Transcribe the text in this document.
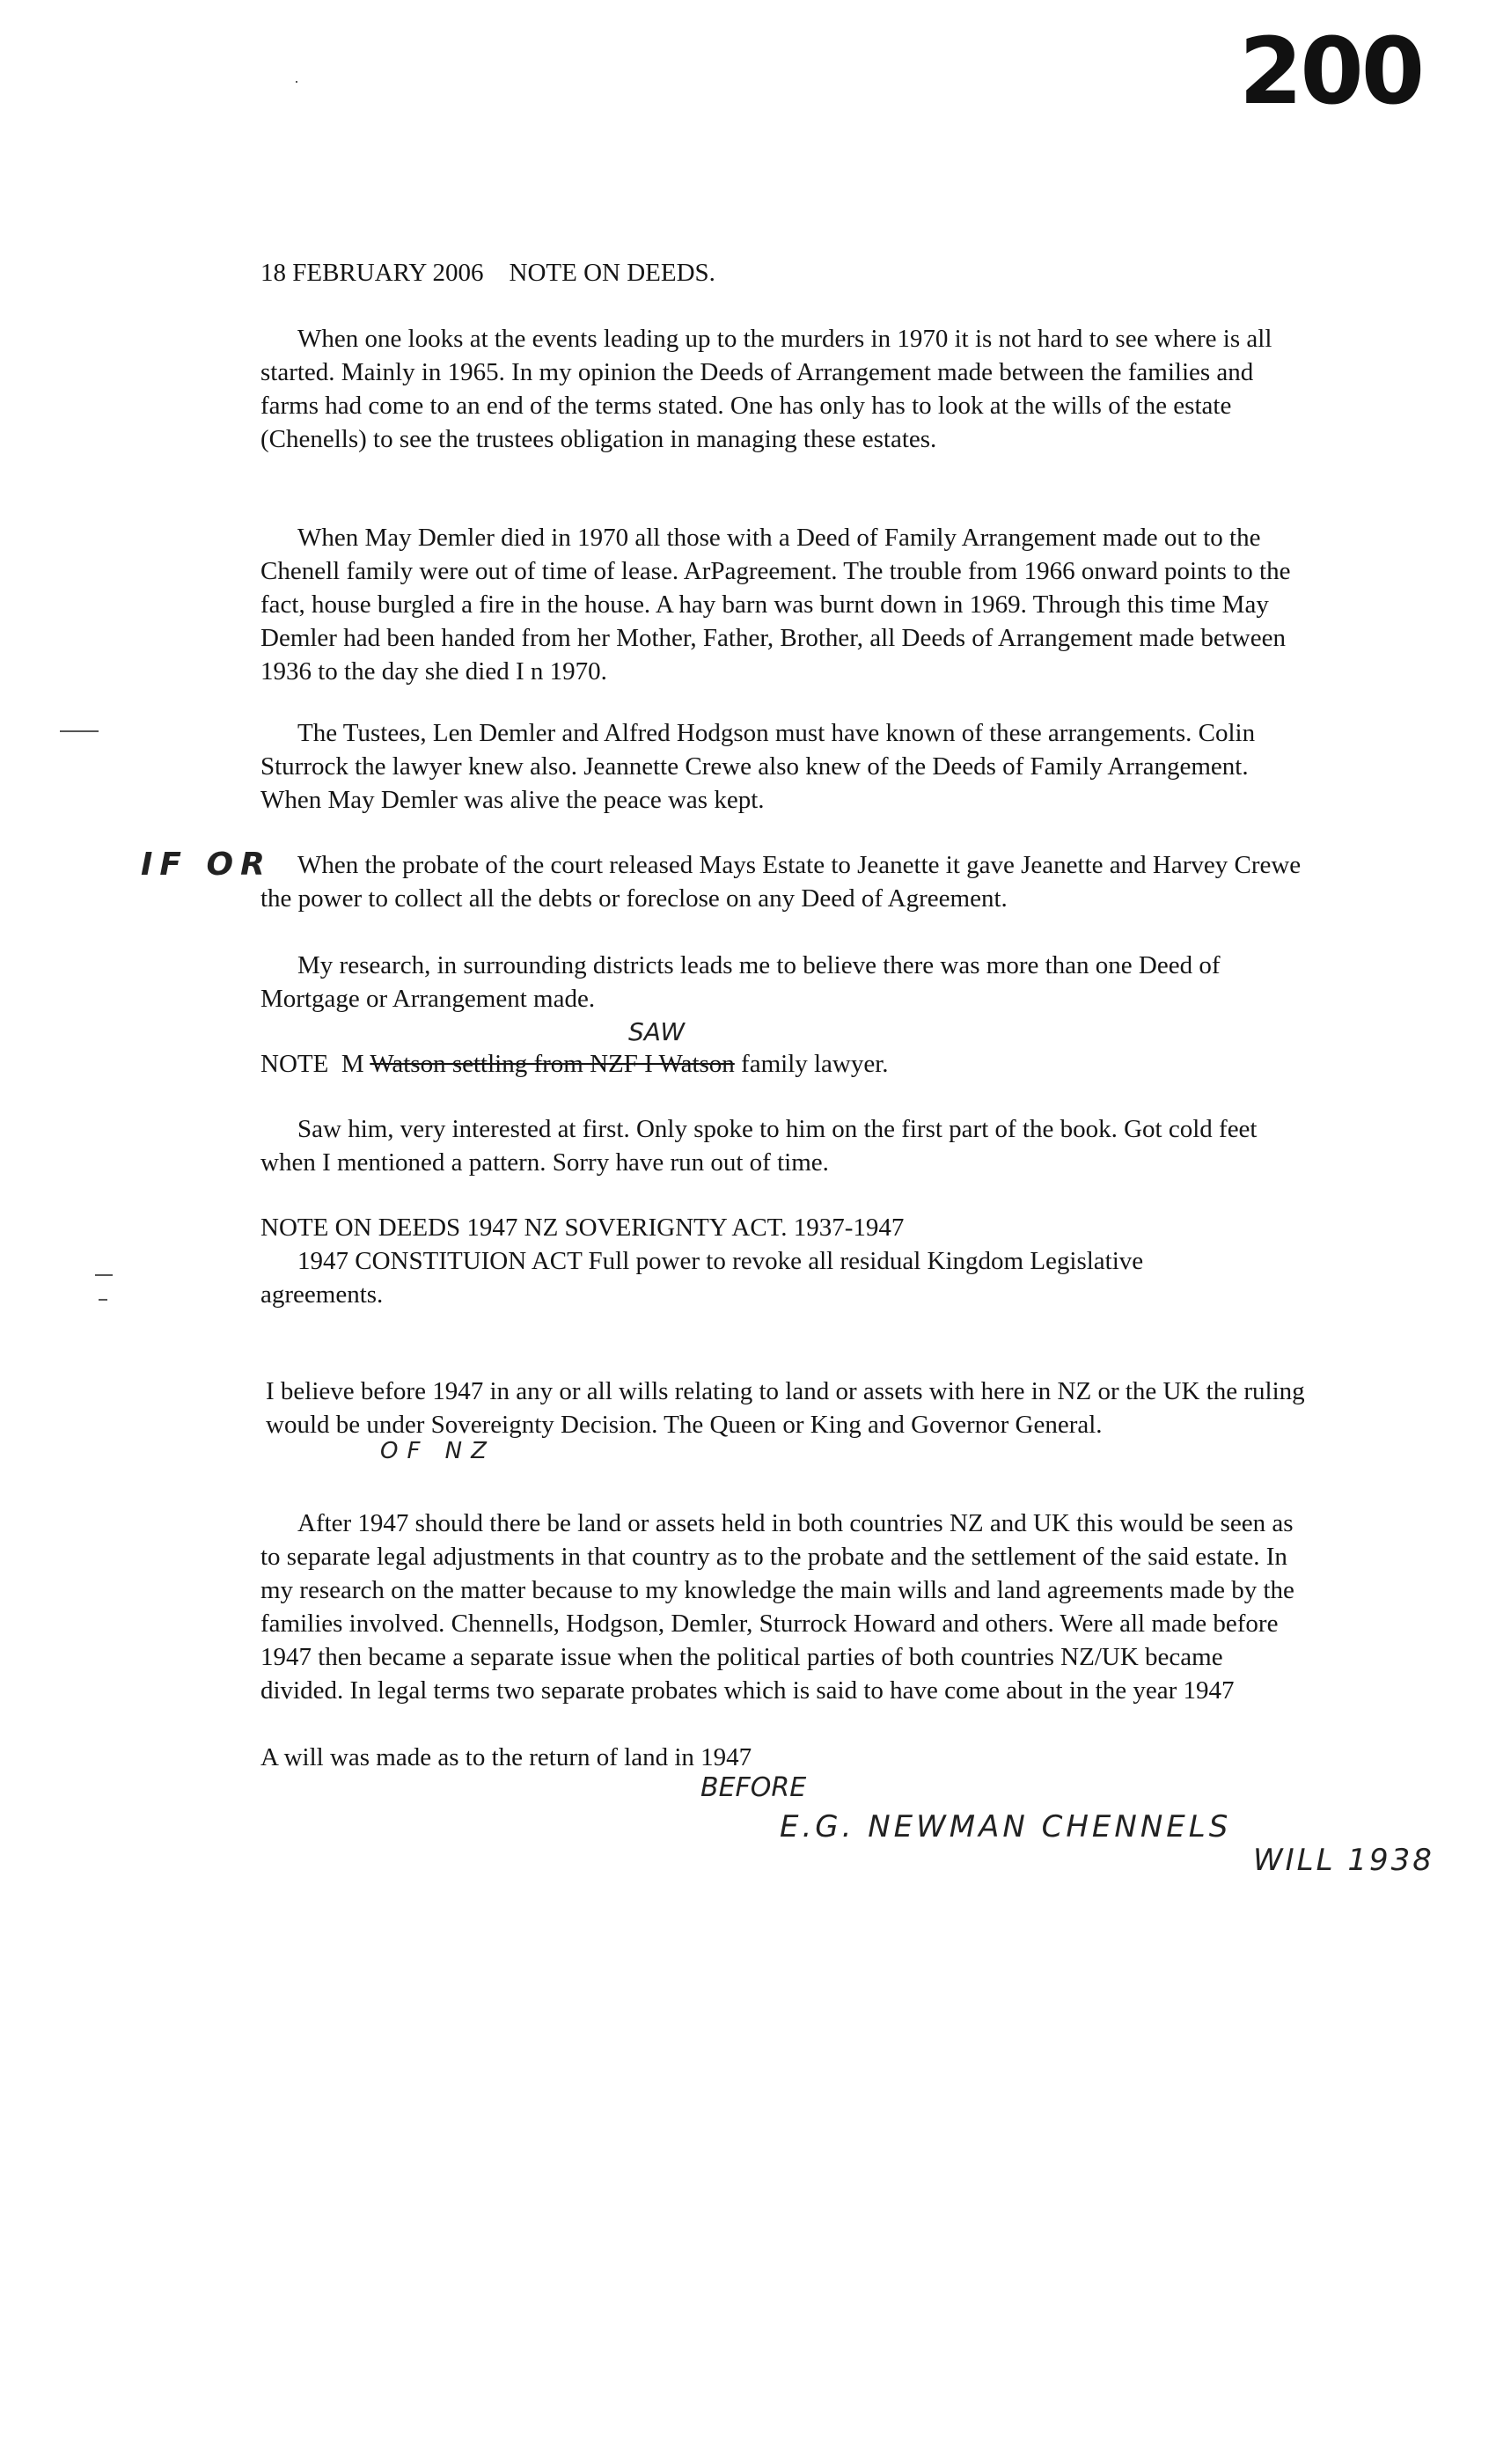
200
18 FEBRUARY 2006    NOTE ON DEEDS.

When one looks at the events leading up to the murders in 1970 it is not hard to see where is all started. Mainly in 1965. In my opinion the Deeds of Arrangement made between the families and farms had come to an end of the terms stated. One has only has to look at the wills of the estate (Chenells) to see the trustees obligation in managing these estates.

When May Demler died in 1970 all those with a Deed of Family Arrangement made out to the Chenell family were out of time of lease. ArPagreement. The trouble from 1966 onward points to the fact, house burgled a fire in the house. A hay barn was burnt down in 1969. Through this time May Demler had been handed from her Mother, Father, Brother, all Deeds of Arrangement made between 1936 to the day she died I n 1970.

The Tustees, Len Demler and Alfred Hodgson must have known of these arrangements. Colin Sturrock the lawyer knew also. Jeannette Crewe also knew of the Deeds of Family Arrangement. When May Demler was alive the peace was kept.

IF OR	When the probate of the court released Mays Estate to Jeanette it gave Jeanette and Harvey Crewe the power to collect all the debts or foreclose on any Deed of Agreement.

My research, in surrounding districts leads me to believe there was more than one Deed of Mortgage or Arrangement made.

SAW
NOTE  M Watson settling from NZF I Watson family lawyer.

Saw him, very interested at first. Only spoke to him on the first part of the book. Got cold feet when I mentioned a pattern. Sorry have run out of time.

NOTE ON DEEDS 1947 NZ SOVERIGNTY ACT. 1937-1947
1947 CONSTITUION ACT Full power to revoke all residual Kingdom Legislative
agreements.

I believe before 1947 in any or all wills relating to land or assets with here in NZ or the UK the ruling would be under Sovereignty Decision. The Queen or King and Governor General.

OF NZ

After 1947 should there be land or assets held in both countries NZ and UK this would be seen as to separate legal adjustments in that country as to the probate and the settlement of the said estate. In my research on the matter because to my knowledge the main wills and land agreements made by the families involved. Chennells, Hodgson, Demler, Sturrock Howard and others. Were all made before 1947 then became a separate issue when the political parties of both countries NZ/UK became divided. In legal terms two separate probates which is said to have come about in the year 1947

A will was made as to the return of land in 1947
BEFORE
E.G. NEWMAN CHENNELS
WILL 1938
